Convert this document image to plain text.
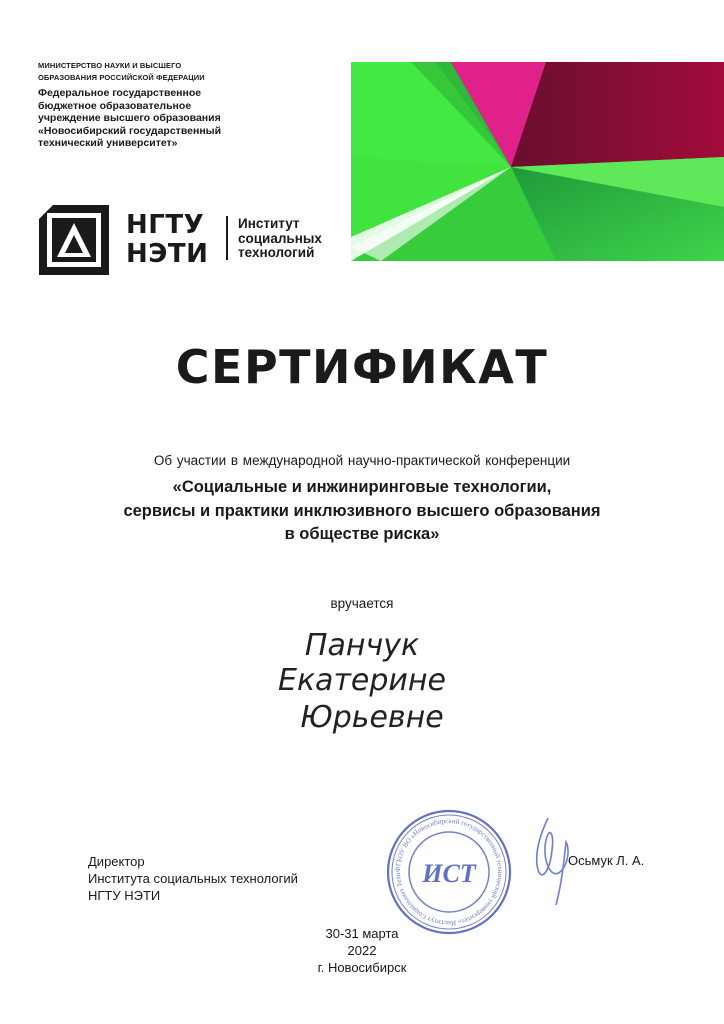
МИНИСТЕРСТВО НАУКИ И ВЫСШЕГО
ОБРАЗОВАНИЯ РОССИЙСКОЙ ФЕДЕРАЦИИ
Федеральное государственное
бюджетное образовательное
учреждение высшего образования
«Новосибирский государственный
технический университет»
НГТУ
НЭТИ
Институт
социальных
технологий
СЕРТИФИКАТ
Об участии в международной научно-практической конференции
«Социальные и инжиниринговые технологии,
сервисы и практики инклюзивного высшего образования
в обществе риска»
вручается
Панчук
Екатерине
Юрьевне
ФГБОУ ВО «Новосибирский государственный технический университет» Институт Социальных Техн ИСТ
Директор
Института социальных технологий
НГТУ НЭТИ
Осьмук Л. А.
30-31 марта
2022
г. Новосибирск
